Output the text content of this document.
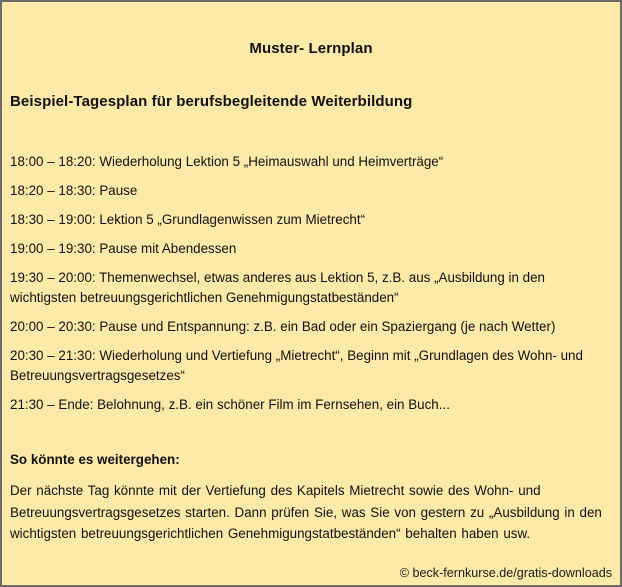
Muster- Lernplan
Beispiel-Tagesplan für berufsbegleitende Weiterbildung
18:00 – 18:20: Wiederholung Lektion 5 „Heimauswahl und Heimverträge“
18:20 – 18:30: Pause
18:30 – 19:00: Lektion 5 „Grundlagenwissen zum Mietrecht“
19:00 – 19:30: Pause mit Abendessen
19:30 – 20:00: Themenwechsel, etwas anderes aus Lektion 5, z.B. aus „Ausbildung in den wichtigsten betreuungsgerichtlichen Genehmigungstatbeständen“
20:00 – 20:30: Pause und Entspannung: z.B. ein Bad oder ein Spaziergang (je nach Wetter)
20:30 – 21:30: Wiederholung und Vertiefung „Mietrecht“, Beginn mit „Grundlagen des Wohn- und Betreuungsvertragsgesetzes“
21:30 – Ende: Belohnung, z.B. ein schöner Film im Fernsehen, ein Buch...
So könnte es weitergehen:
Der nächste Tag könnte mit der Vertiefung des Kapitels Mietrecht sowie des Wohn- und Betreuungsvertragsgesetzes starten. Dann prüfen Sie, was Sie von gestern zu „Ausbildung in den wichtigsten betreuungsgerichtlichen Genehmigungstatbeständen“ behalten haben usw.
© beck-fernkurse.de/gratis-downloads
